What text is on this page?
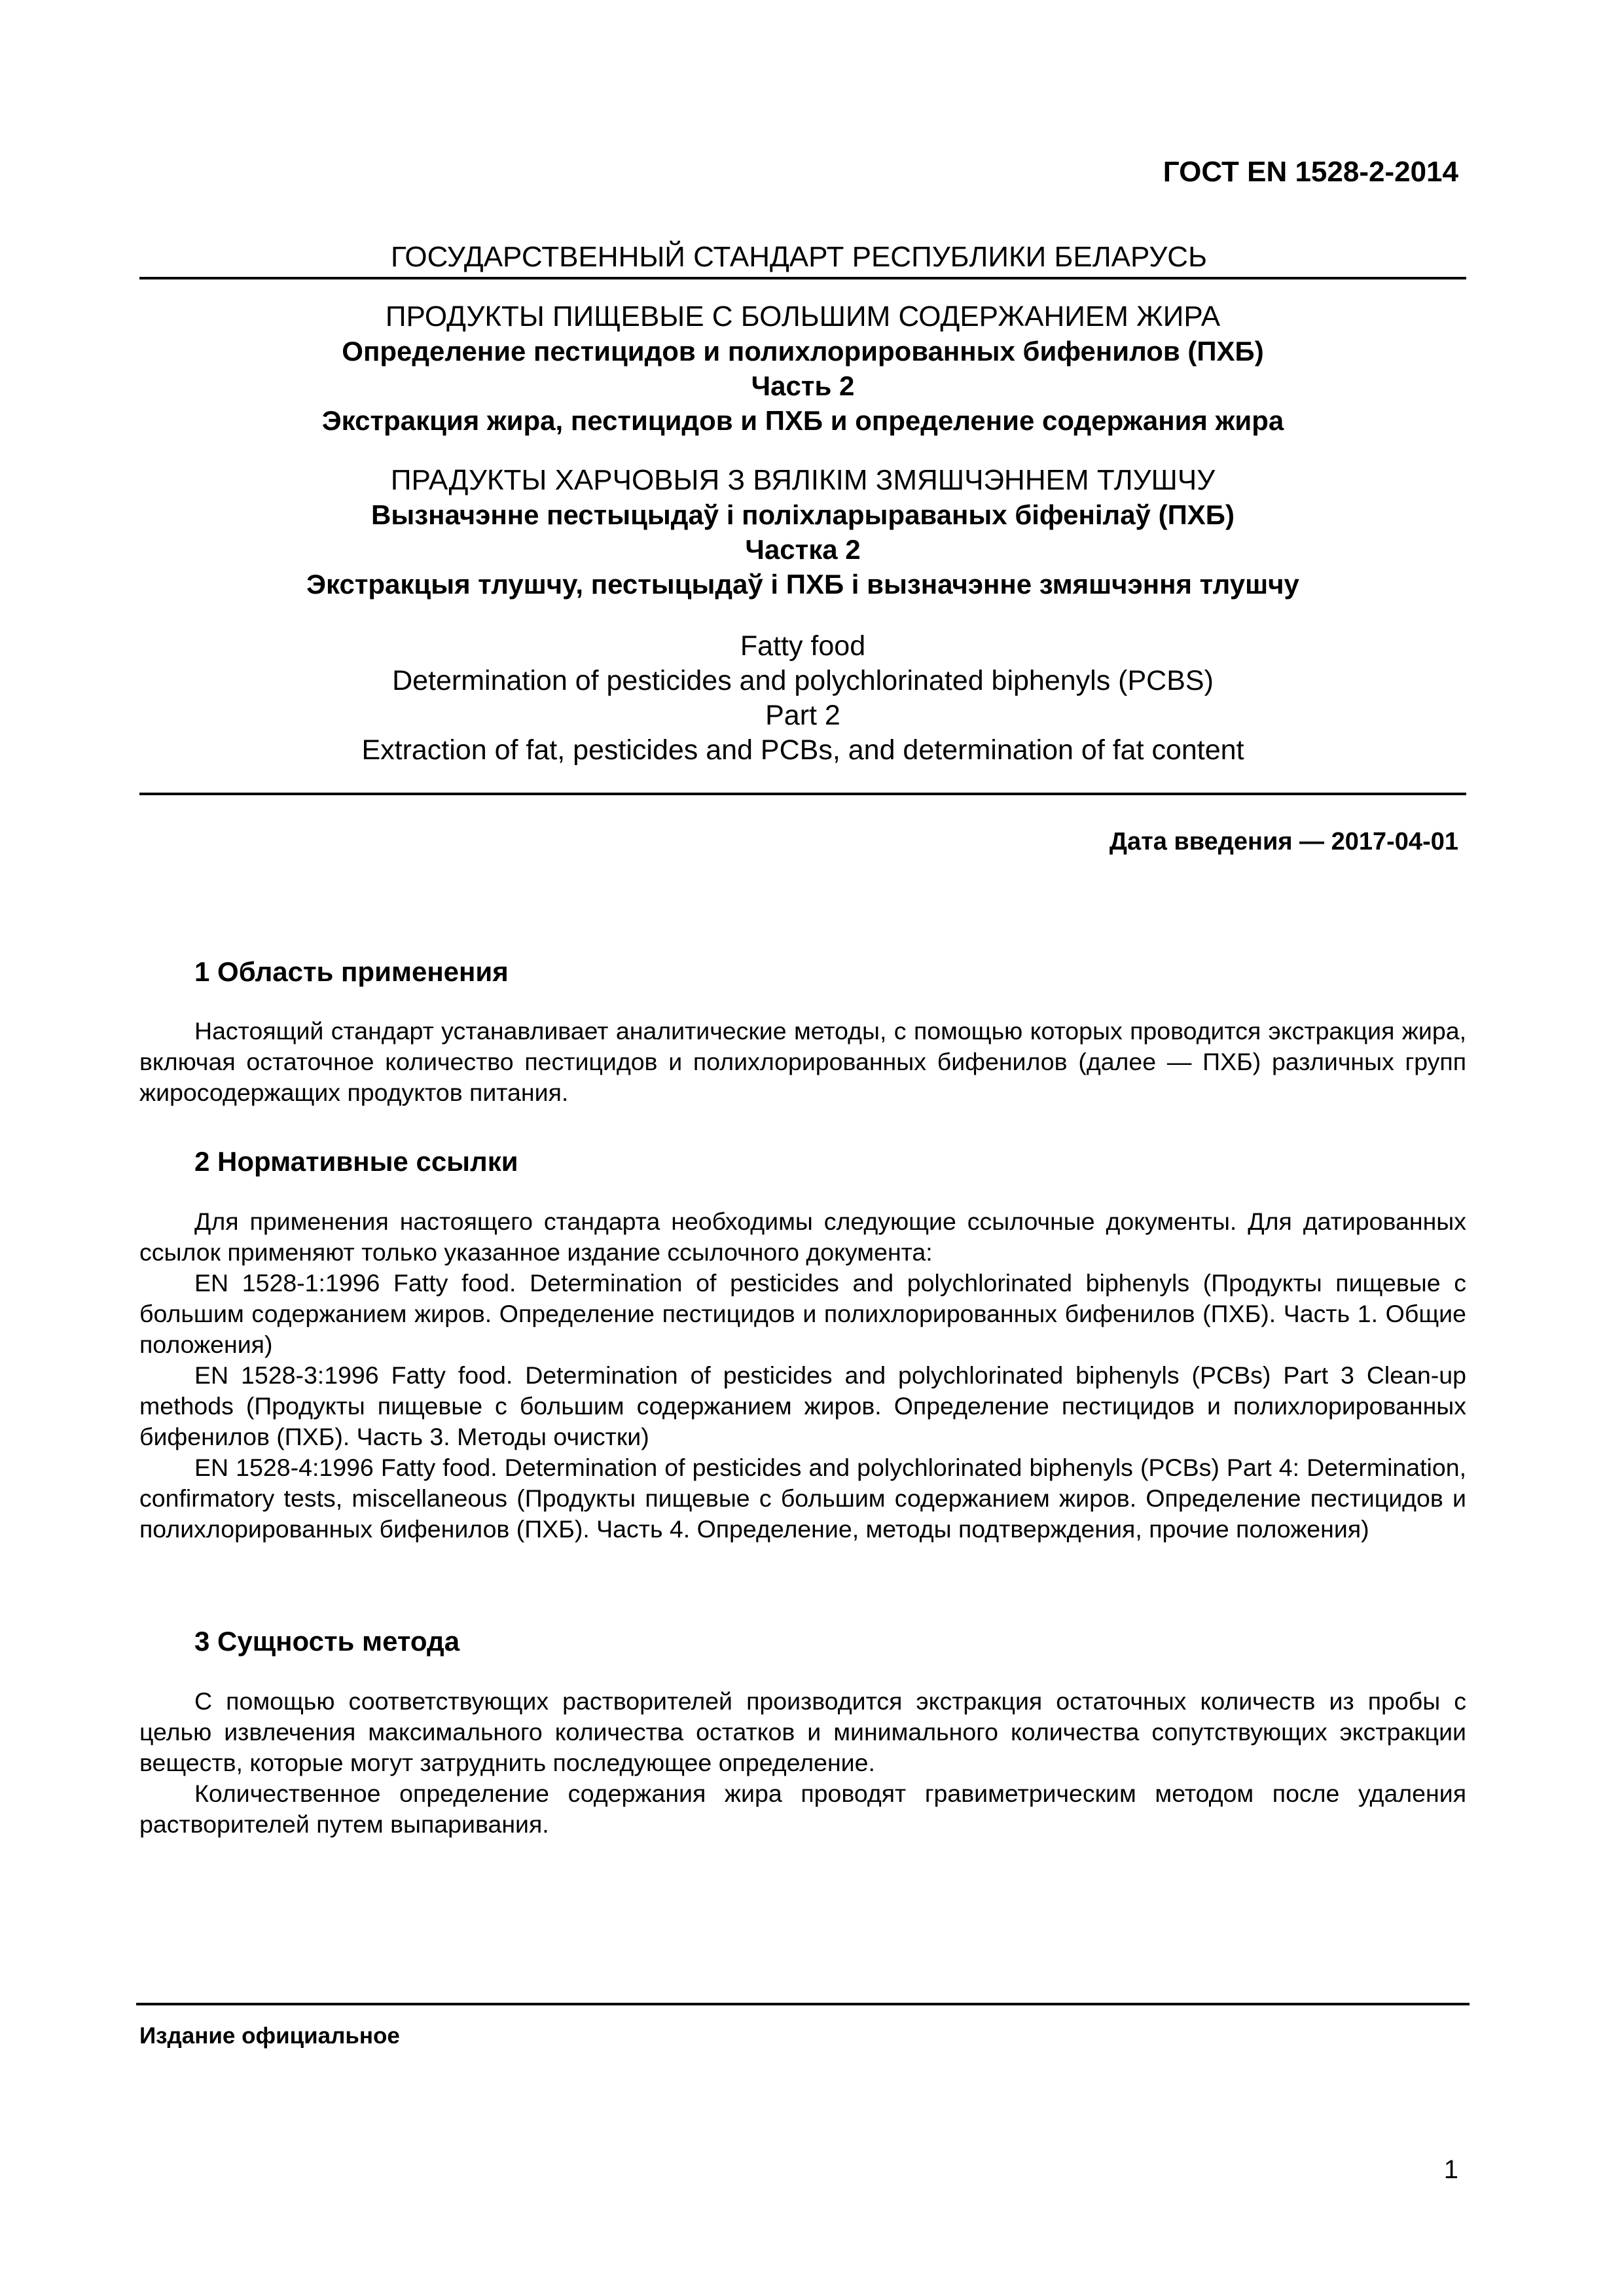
ГОСТ EN 1528-2-2014
ГОСУДАРСТВЕННЫЙ СТАНДАРТ РЕСПУБЛИКИ БЕЛАРУСЬ
ПРОДУКТЫ ПИЩЕВЫЕ С БОЛЬШИМ СОДЕРЖАНИЕМ ЖИРА
Определение пестицидов и полихлорированных бифенилов (ПХБ)
Часть 2
Экстракция жира, пестицидов и ПХБ и определение содержания жира
ПРАДУКТЫ ХАРЧОВЫЯ З ВЯЛІКІМ ЗМЯШЧЭННЕМ ТЛУШЧУ
Вызначэнне пестыцыдаў і поліхларыраваных біфенілаў (ПХБ)
Частка 2
Экстракцыя тлушчу, пестыцыдаў і ПХБ і вызначэнне змяшчэння тлушчу
Fatty food
Determination of pesticides and polychlorinated biphenyls (PCBS)
Part 2
Extraction of fat, pesticides and PCBs, and determination of fat content
Дата введения — 2017-04-01
1 Область применения

Настоящий стандарт устанавливает аналитические методы, с помощью которых проводится экстракция жира, включая остаточное количество пестицидов и полихлорированных бифенилов (далее — ПХБ) различных групп жиросодержащих продуктов питания.

2 Нормативные ссылки

Для применения настоящего стандарта необходимы следующие ссылочные документы. Для датированных ссылок применяют только указанное издание ссылочного документа:

EN 1528-1:1996 Fatty food. Determination of pesticides and polychlorinated biphenyls (Продукты пищевые с большим содержанием жиров. Определение пестицидов и полихлорированных бифенилов (ПХБ). Часть 1. Общие положения)

EN 1528-3:1996 Fatty food. Determination of pesticides and polychlorinated biphenyls (PCBs) Part 3 Clean-up methods (Продукты пищевые с большим содержанием жиров. Определение пестицидов и полихлорированных бифенилов (ПХБ). Часть 3. Методы очистки)

EN 1528-4:1996 Fatty food. Determination of pesticides and polychlorinated biphenyls (PCBs) Part 4: Determination, confirmatory tests, miscellaneous (Продукты пищевые с большим содержанием жиров. Определение пестицидов и полихлорированных бифенилов (ПХБ). Часть 4. Определение, методы подтверждения, прочие положения)

3 Сущность метода

С помощью соответствующих растворителей производится экстракция остаточных количеств из пробы с целью извлечения максимального количества остатков и минимального количества сопутствующих экстракции веществ, которые могут затруднить последующее определение.

Количественное определение содержания жира проводят гравиметрическим методом после удаления растворителей путем выпаривания.

Издание официальное
1
